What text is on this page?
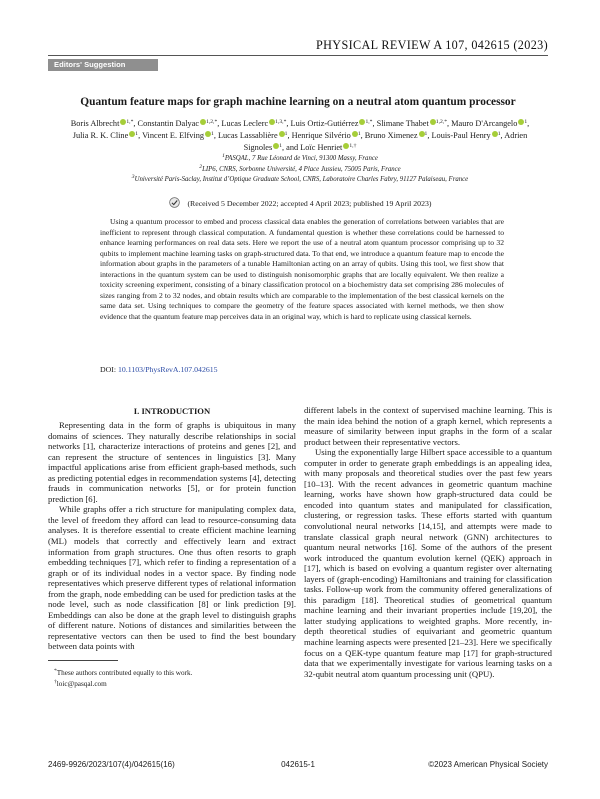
PHYSICAL REVIEW A 107, 042615 (2023)
Editors' Suggestion
Quantum feature maps for graph machine learning on a neutral atom quantum processor
Boris Albrecht $^{1,*}$, Constantin Dalyac $^{1,2,*}$, Lucas Leclerc $^{1,3,*}$, Luis Ortiz-Gutiérrez $^{1,*}$, Slimane Thabet $^{1,2,*}$, Mauro D'Arcangelo $^1$, Julia R. K. Cline $^1$, Vincent E. Elfving $^1$, Lucas Lassablière $^1$, Henrique Silvério $^1$, Bruno Ximenez $^1$, Louis-Paul Henry $^1$, Adrien Signoles $^1$, and Loïc Henriet $^{1,\dagger}$
$^1$PASQAL, 7 Rue Léonard de Vinci, 91300 Massy, France
$^2$LIP6, CNRS, Sorbonne Université, 4 Place Jussieu, 75005 Paris, France
$^3$Université Paris-Saclay, Institut d’Optique Graduate School, CNRS, Laboratoire Charles Fabry, 91127 Palaiseau, France
(Received 5 December 2022; accepted 4 April 2023; published 19 April 2023)
Using a quantum processor to embed and process classical data enables the generation of correlations between variables that are inefficient to represent through classical computation. A fundamental question is whether these correlations could be harnessed to enhance learning performances on real data sets. Here we report the use of a neutral atom quantum processor comprising up to 32 qubits to implement machine learning tasks on graph-structured data. To that end, we introduce a quantum feature map to encode the information about graphs in the parameters of a tunable Hamiltonian acting on an array of qubits. Using this tool, we first show that interactions in the quantum system can be used to distinguish nonisomorphic graphs that are locally equivalent. We then realize a toxicity screening experiment, consisting of a binary classification protocol on a biochemistry data set comprising 286 molecules of sizes ranging from 2 to 32 nodes, and obtain results which are comparable to the implementation of the best classical kernels on the same data set. Using techniques to compare the geometry of the feature spaces associated with kernel methods, we then show evidence that the quantum feature map perceives data in an original way, which is hard to replicate using classical kernels.
DOI: 10.1103/PhysRevA.107.042615
I. INTRODUCTION

Representing data in the form of graphs is ubiquitous in many domains of sciences. They naturally describe relationships in social networks [1], characterize interactions of proteins and genes [2], and can represent the structure of sentences in linguistics [3]. Many impactful applications arise from efficient graph-based methods, such as predicting potential edges in recommendation systems [4], detecting frauds in communication networks [5], or for protein function prediction [6].

While graphs offer a rich structure for manipulating complex data, the level of freedom they afford can lead to resource-consuming data analyses. It is therefore essential to create efficient machine learning (ML) models that correctly and effectively learn and extract information from graph structures. One thus often resorts to graph embedding techniques [7], which refer to finding a representation of a graph or of its individual nodes in a vector space. By finding node representatives which preserve different types of relational information from the graph, node embedding can be used for prediction tasks at the node level, such as node classification [8] or link prediction [9]. Embeddings can also be done at the graph level to distinguish graphs of different nature. Notions of distances and similarities between the representative vectors can then be used to find the best boundary between data points with

different labels in the context of supervised machine learning. This is the main idea behind the notion of a graph kernel, which represents a measure of similarity between input graphs in the form of a scalar product between their representative vectors.

Using the exponentially large Hilbert space accessible to a quantum computer in order to generate graph embeddings is an appealing idea, with many proposals and theoretical studies over the past few years [10–13]. With the recent advances in geometric quantum machine learning, works have shown how graph-structured data could be encoded into quantum states and manipulated for classification, clustering, or regression tasks. These efforts started with quantum convolutional neural networks [14,15], and attempts were made to translate classical graph neural network (GNN) architectures to quantum neural networks [16]. Some of the authors of the present work introduced the quantum evolution kernel (QEK) approach in [17], which is based on evolving a quantum register over alternating layers of (graph-encoding) Hamiltonians and training for classification tasks. Follow-up work from the community offered generalizations of this paradigm [18]. Theoretical studies of geometrical quantum machine learning and their invariant properties include [19,20], the latter studying applications to weighted graphs. More recently, in-depth theoretical studies of equivariant and geometric quantum machine learning aspects were presented [21–23]. Here we specifically focus on a QEK-type quantum feature map [17] for graph-structured data that we experimentally investigate for various learning tasks on a 32-qubit neutral atom quantum processing unit (QPU).

*These authors contributed equally to this work.
†loic@pasqal.com
2469-9926/2023/107(4)/042615(16)	042615-1	©2023 American Physical Society
